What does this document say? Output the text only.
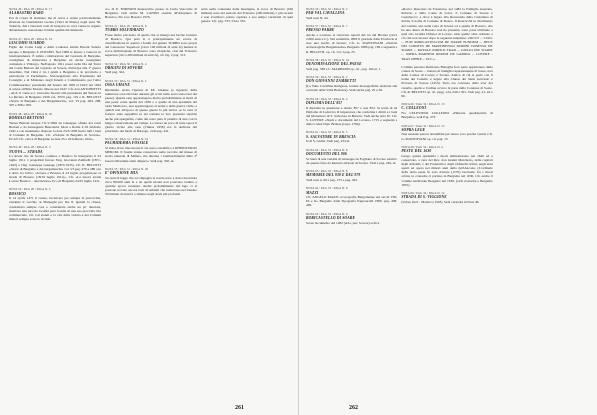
NOTA 46 / PAG 28 / RIGA N. 17
ALABASTRO RARO

Era di colore di alabastro ma di onice e venne particolarmente sfruttata da Gianbattista Lucina (Vinci di Pisino) negli anni '50. Tuttavia, dati i rilevanti costi di trasporto la cava venne in seguito abbandonata, nonostante l'ottima qualità del minerale.

NOTA 47 / PAG 28 / RIGA N. 19
GIACOMO SUARDO

Figlio del Conte Luigi e della Contessa Giulia Baroni Suardo nacque a Bergamo il 25/8/1883. Nel 1908 si laureò a Genova in Giurisprudenza. È subito collaboratore del Giornale di Bergamo, consigliere di minoranza a Bergamo ed anche consigliere comunale a Villongo. Nell'agosto 1911 passò nelle fila del Torre del Conte Bettoni del Capitolo di Sovere. Partecipa alla 1ª guerra mondiale. Nel 1924 è tra i primi a Bergamo e in provincia a partecipare al Parlamento. Sottosegretario alla Presidenza del Consiglio e al Ministero degli Interni e Commissario per l'Alto Commissariato; presidente del Senato dal 1929 al 1943; nel 1944 si arrese all'Ente Morale. Muore nel 1947. Cfr. don ANTONIETTI - ALE, il conte ecc. Giacomo Suardo alla presidenza del Senato in La Rivista di Bergamo 1939 vol. XVII pag. 119 e R. BELOTTI «Storia di Bergamo e dei Bergamaschi», vol. VI pag. 284, 298, 307 e 308 e 309.

NOTA 48 / PAG 28 / RIGA N. 20
ROMOLO BETTONI

Teresa Bettoni nacque l'11/1/1892 da Giuseppe, sfinito dei conti Bettoni e da Giuseppina Buzzoletti. Morì a Roma il 26 febbraio 1941 e con testamento disposto la data 23/3/1938 lasciò tutti i beni al Comune di Bergamo. Cfr. «Notizie di Bergamo di Sovere». ECAS Cfr. «Voce di Bergamo in data 25 e 26 febbraio 1941».

NOTA 49 / PAG 28 / RIGA N. 3
NUOVA ... STRADA

La strada che da Sovere conduce a Bossico fu inaugurata il 23 luglio 1911. I progettisti furono l'ing. Giovanni Zambelli (1871-1922) e l'ing. Giuseppe Gussago (1870-1935). Cfr. R. BELOTTI «Storia di Bergamo e dei bergamaschi» vol. VI pag. 279 e 280 ove è detto tra l'altro: «Sovere e Bossico il 23 luglio progettarono la strada di Bossico (18/19 luglio 1911)». Cfr. «La nuova strada Lovere Bossico – descrizione» Eco di Bergamo 24/25 luglio 1911.

NOTA 50 / PAG 28 / RIGA N. 4
BOSSICO

Il 14 aprile 1471 il curato, incaricato per sempre la parrocchia, vendette il vecchio ai Malpaghi per lire 8. Quindi la chiesa, considerata sempre cara e considerata anche un po' desolata, risultava una piccola località però fornita di una sua provvida vita commerciale. Cfr. Gli statuti e la vita della vicinia e dei Comuni minori sempre sotto la vicinia.

co» di E. FORNONI manoscritto presso la Curia Vescovile di Bergamo; vedi anche M. CANINI «Guida all'Altopiano di Bossico» Pro loco Bossico 1976.

NOTA 51 / PAG 29 / RIGA N. 8
TURBO SOLFIDRATO

Fosse molto più usato di quello che si ritenga nel bacino lacustre di Bossico. Qui però si è principalmente un errore di classificazione in quanto i fossili del genere TURBO sono propri del Cenozoico Superiore (circa 100 milioni di anni fa) mentre le rocce dell'altopiano di Bossico sono triassiche, cioè del Triassico superiore (circa 200 milioni di anni fa), cfr. fig. 2 pag. 513.

NOTA 52 / PAG 30 / RIGA N. 4
ORIGINI DI SOVERE

Vedi pag. 324.

NOTA 53 / PAG 31 / RIGA N. 2
OSSA UMANE

Riteniamo errata l'ipotesi di Mr. Ozanne (a riguardo delle numerose ossa ritrovate durante gli scavi nella zona sud-ovest del paese). Questa ossa appartengono molto probabilmente ai morti di una peste come quella del 1630 o a quelle di una epidemia del tardo Medioevo, non appartengono al nome e della guerra civile, e quindi non all'epoca di queste guerre la più antica, se le ossa vi fossero state seppellite in età romana la loro presenza sarebbe anche più spiegabile, come del resto pure il piombo di una con la lunga conservazione sul campo. Lo stesso un poco di tutte epoca il giorno vicino alle ossa (Chiusa 1958) era la dedicata del prioritario dei morti di Barzago, vedi pag. 441.

NOTA 54 / PAG 31 / RIGA N. 16
PACHIDERMA FOSSILE

Si tratta di un rinoceronte il cui sesso scientifico è RHINOCEROS MERCKI. Il fossile venne conservato nelle raccolte del museo di storia naturale di Milano, ma durante i bombardamenti delle 2ª Guerra Mondiale andò disperso. Vedi pag. 320, nt.

NOTA 55 / PAG 31 / RIGA N. 20
E' OPINIONE MIA

Su reati di legge che accompagna le nostre terre è stata riscontrata circa 80.000 anni fa e da quelli terreni non potevano risalire a qualche epoca avanzata. Anche probabilmente dal lago ci si possono trovare ancora resti di animali che esistevano nel lontano 50 milioni di anni fa o almeno negli strati più profondi.

restò nella contenuta della montagna, le rocce di Bossico (160 milioni) sono del periodo del Triassico (200 milioni) o più recenti e non avrebbero potuto ospitare a suo tempo vertebrati di quel genere. Cfr. pag. 533, 534 e 535.

261
NOTA 56 / PAG 32 / RIGA N. 2
PER VAL CAVALLINA

Vedi nota N. 44.

NOTA 57 / PAG 32 / RIGA N. 7
PRESSO PARRE

Anche a Lozzano si ritrovano reperti del tra del Bronzo (circa 2.000 anni a.C.). Nel settembre 1893 il giornale dalla Provincia si rese una studio di bronzo. Cfr. G. MANTOVANI «Notizie archeologiche Bergamasche» Bergamo 1886 pag. 196 e seguenti e R. BELOTTI, op. cit. vol. I pag. 25.

NOTA 58 / PAG 32 / RIGA N. 16
DENOMINAZIONE DEL PAESE

Vedi pag. 338 e L. MARINONI op. cit., pag. 164 nt. 1.

NOTA 59 / PAG 33 / RIGA N. 2
DON GIOVANNI ZAMBETTI

(La Valle Cavallina Religiosa, notizie monografiche dedicate alle contrade della Valle Borlezza). Vedi anche pag. 25 e 26.

NOTA 60 / PAG 33 / RIGA N. 4
DIPLOMA DELL'857

Il diploma in questione è datato 857 e non 852. Si tratta di un Diploma di Lodovico II imperatore che conferma i diritti e i beni del Monastero di S. Salvatore in Brescia. Vedi anche nota 67. Cfr. S. LOVERE «Studi e documenti del Lovere» 1715 e seguenti e della Codex Dipl. Brixiae (Lupi, 1784).

NOTA 61 / PAG 33 / RIGA N. 5
S. SALVATORE IN BRESCIA

O di S. Giulia. Vedi pag. 234 nt.

NOTA 62 / PAG 33 / RIGA N. 8
DOCUMENTO DEL 906

Si tratta di una vendita di Giuseppe da Fogliano di Sovere relativo da quanto fatto da Rezzalo all'isola di Sovere. Vedi a pag. 220, nt.

NOTA 63 / PAG 33 / RIGA N. 8
MEMORIE DEL 938 E DEL 979

Vedi nota n. 60 e pag. 273 e pag. 432.

NOTA 64 / PAG 33 / RIGA N. 9
MAZZI

Cfr. ANGELO MAZZI «Corografia Bergomense nei secoli VIII, IX e X» Bergamo dalla Tipografia Pagnoncelli 1880, pag. 408-409.

NOTA 65 / PAG 33 / RIGA N. 9
RORICASTELLO DI SOARE

Su un documento del 1482 (ardo, pur, Sovere) si dice

«Rorico Rusconio de Tresurata» nel 1482 la Famiglia Guerraia, Roberto e della Conte di Lotor, il Comune di Sorere e Castelarcco; e dove è legato alla Reverenda della Castellana di Zobin, il nome di Comune di Roano. Il Roncacchi in riferimento del castello sito nella zona di Sovere ed a quella di Bossico, che ha una altura di Bossico non ha presente, sono parte attribuite a quel sito località Orfanoi di Lovere, tutte quelle oltre ordinate a ciò che non facessi dopo le seguenti subprime: «SICUT ... COLL ... FUIT RORICASTELLUM DE SOARE FUNDUM ... DEUS DEI COMITES DE MARTINENGO DOMINI TONESSO DE SOARE ... ROYALE RORICO TRAD ... GIULIO DIU SOARE ... SOPRA MARTINO RERUM DE GAMMA ... LOVERE - TRAS OFFRE ... ECC.»

L'ultima persona Rusticano Battaglia fece parte appartenere dalla contea di Soare ... trattato di famiglia rappresentante di Soare, non della Contea di Lovere e Sovere. Antica di cui si parla con il nome del Castello è legato alla Chiesa dei Santi Gervasio e Protasio di Sovere (1453). Tutto era concesso dallo aver del castello, quello e l'ordine ovvero la parte della Contessa di Soare. Cfr. R. BELOTTI op. cit. pagg. 124, 240 e 301. Vedi pag. 41, 42 e 90.

NOTA 66 / PAG 34 / RIGA N. 13
C. COLLEONI

Fra CELESTINO COLLEONI «Historia quadripartita di Bergamo» vedi Pag. 273.

NOTA 67 / PAG 34 / RIGA N. 15
SOPRA LEGE

Non nessuno parece attendibile per stesso voro poiché i punti. Cfr. G. MANTOVANI op. cit. pag. 13.

NOTA 68 / PAG 34 / RIGA N. 4
PESTE DEL 1630

Lungo questa epidemia i morti ammontarono nel 1640 ed a conservato, a cura del Rev. don Gianni Marchetto, delle capitali degli Abbaldi; e dei Fraternità e degli Orfanelli orfani, negli anni aperti ad opera nei minori anni della dell'Ancona, (L'ordinale della detta peste fu solo d'estate (1576) lasciando fra i morti orfani, le cronache ci parlano in Bergamo nel 1630, Cfr. anche il volume Archiviale Bergamo nel 1630, (vedi cronache e Bergamo 1855).

NOTA 69 / PAG 34 / RIGA N. 14
STRADA DI S. VIGGIONE

(Urbes 1021 - Mantova 1593). Vedi curiosità in Nota 46.

262
